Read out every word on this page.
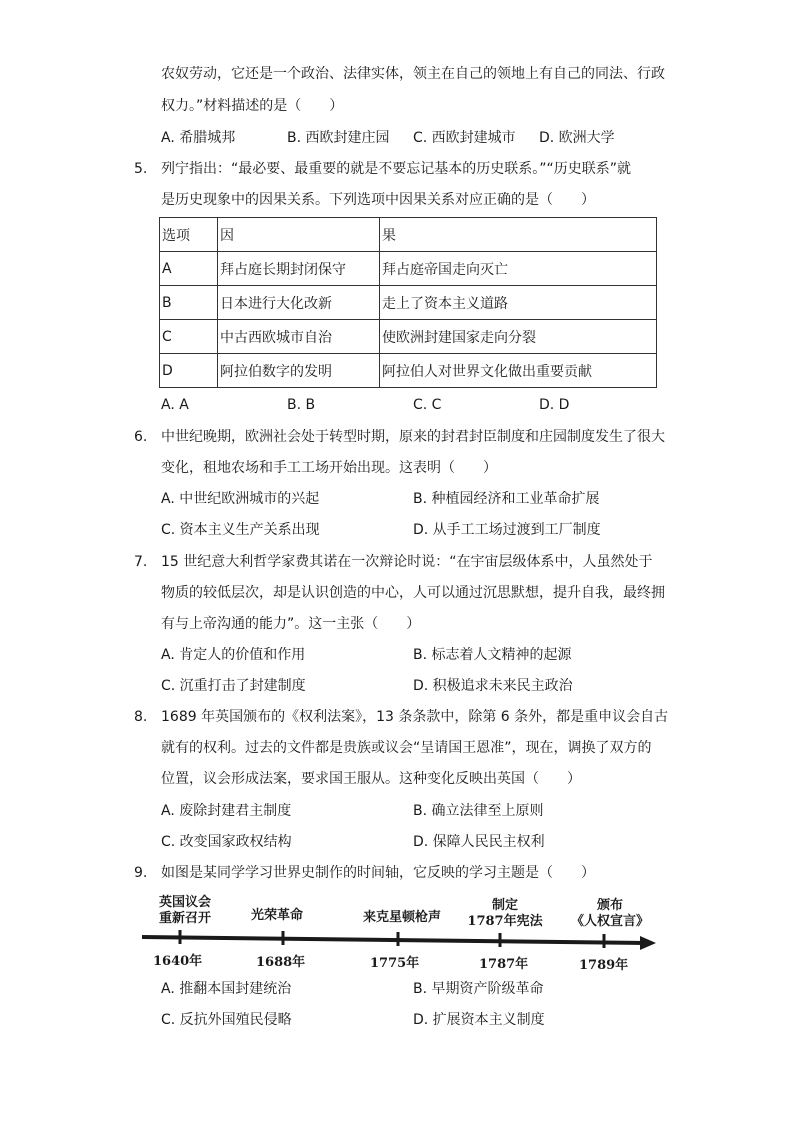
农奴劳动，它还是一个政治、法律实体，领主在自己的领地上有自己的同法、行政
权力。”材料描述的是（　　）
A. 希腊城邦	B. 西欧封建庄园 C. 西欧封建城市 D. 欧洲大学
5. 列宁指出：“最必要、最重要的就是不要忘记基本的历史联系。”“历史联系”就
是历史现象中的因果关系。下列选项中因果关系对应正确的是（　　）
选项	因	果
A	拜占庭长期封闭保守	拜占庭帝国走向灭亡
B	日本进行大化改新	走上了资本主义道路
C	中古西欧城市自治	使欧洲封建国家走向分裂
D	阿拉伯数字的发明	阿拉伯人对世界文化做出重要贡献
A. A	B. B	C. C	D. D
6. 中世纪晚期，欧洲社会处于转型时期，原来的封君封臣制度和庄园制度发生了很大
变化，租地农场和手工工场开始出现。这表明（　　）
A. 中世纪欧洲城市的兴起	B. 种植园经济和工业革命扩展
C. 资本主义生产关系出现	D. 从手工工场过渡到工厂制度
7. 15 世纪意大利哲学家费其诺在一次辩论时说：“在宇宙层级体系中，人虽然处于
物质的较低层次，却是认识创造的中心，人可以通过沉思默想，提升自我，最终拥
有与上帝沟通的能力”。这一主张（　　）
A. 肯定人的价值和作用	B. 标志着人文精神的起源
C. 沉重打击了封建制度	D. 积极追求未来民主政治
8. 1689 年英国颁布的《权利法案》，13 条条款中，除第 6 条外，都是重申议会自古
就有的权利。过去的文件都是贵族或议会“呈请国王恩准”，现在，调换了双方的
位置，议会形成法案，要求国王服从。这种变化反映出英国（　　）
A. 废除封建君主制度	B. 确立法律至上原则
C. 改变国家政权结构	D. 保障人民民主权利
9. 如图是某同学学习世界史制作的时间轴，它反映的学习主题是（　　）
英国议会
重新召开	光荣革命	来克星顿枪声
制定
1787年宪法
颁布
《人权宣言》
1640年	1688年	1775年	1787年	1789年
A. 推翻本国封建统治	B. 早期资产阶级革命
C. 反抗外国殖民侵略	D. 扩展资本主义制度
